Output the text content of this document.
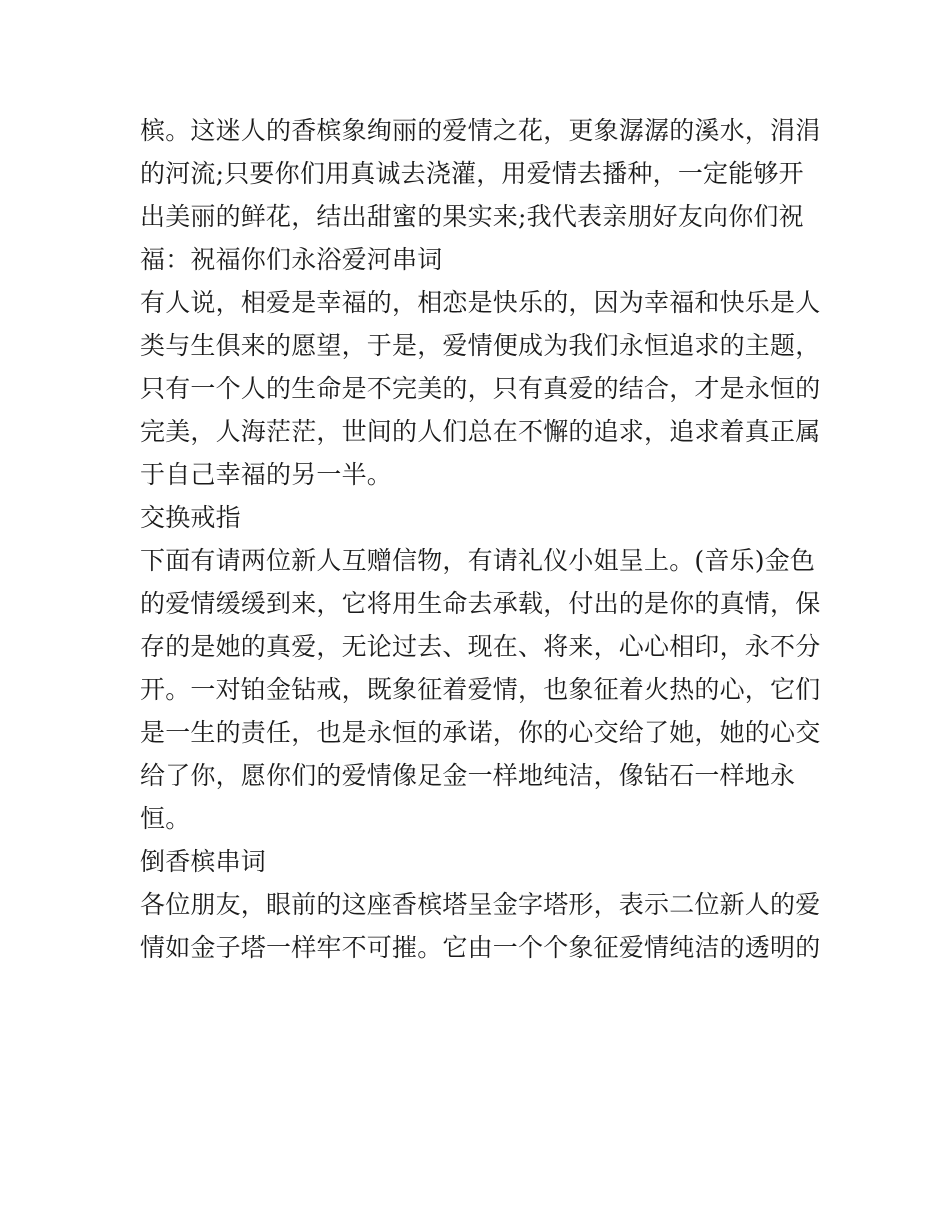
槟。这迷人的香槟象绚丽的爱情之花，更象潺潺的溪水，涓涓
的河流;只要你们用真诚去浇灌，用爱情去播种，一定能够开
出美丽的鲜花，结出甜蜜的果实来;我代表亲朋好友向你们祝
福：祝福你们永浴爱河串词
有人说，相爱是幸福的，相恋是快乐的，因为幸福和快乐是人
类与生俱来的愿望，于是，爱情便成为我们永恒追求的主题，
只有一个人的生命是不完美的，只有真爱的结合，才是永恒的
完美，人海茫茫，世间的人们总在不懈的追求，追求着真正属
于自己幸福的另一半。
交换戒指
下面有请两位新人互赠信物，有请礼仪小姐呈上。(音乐)金色
的爱情缓缓到来，它将用生命去承载，付出的是你的真情，保
存的是她的真爱，无论过去、现在、将来，心心相印，永不分
开。一对铂金钻戒，既象征着爱情，也象征着火热的心，它们
是一生的责任，也是永恒的承诺，你的心交给了她，她的心交
给了你，愿你们的爱情像足金一样地纯洁，像钻石一样地永
恒。
倒香槟串词
各位朋友，眼前的这座香槟塔呈金字塔形，表示二位新人的爱
情如金子塔一样牢不可摧。它由一个个象征爱情纯洁的透明的
